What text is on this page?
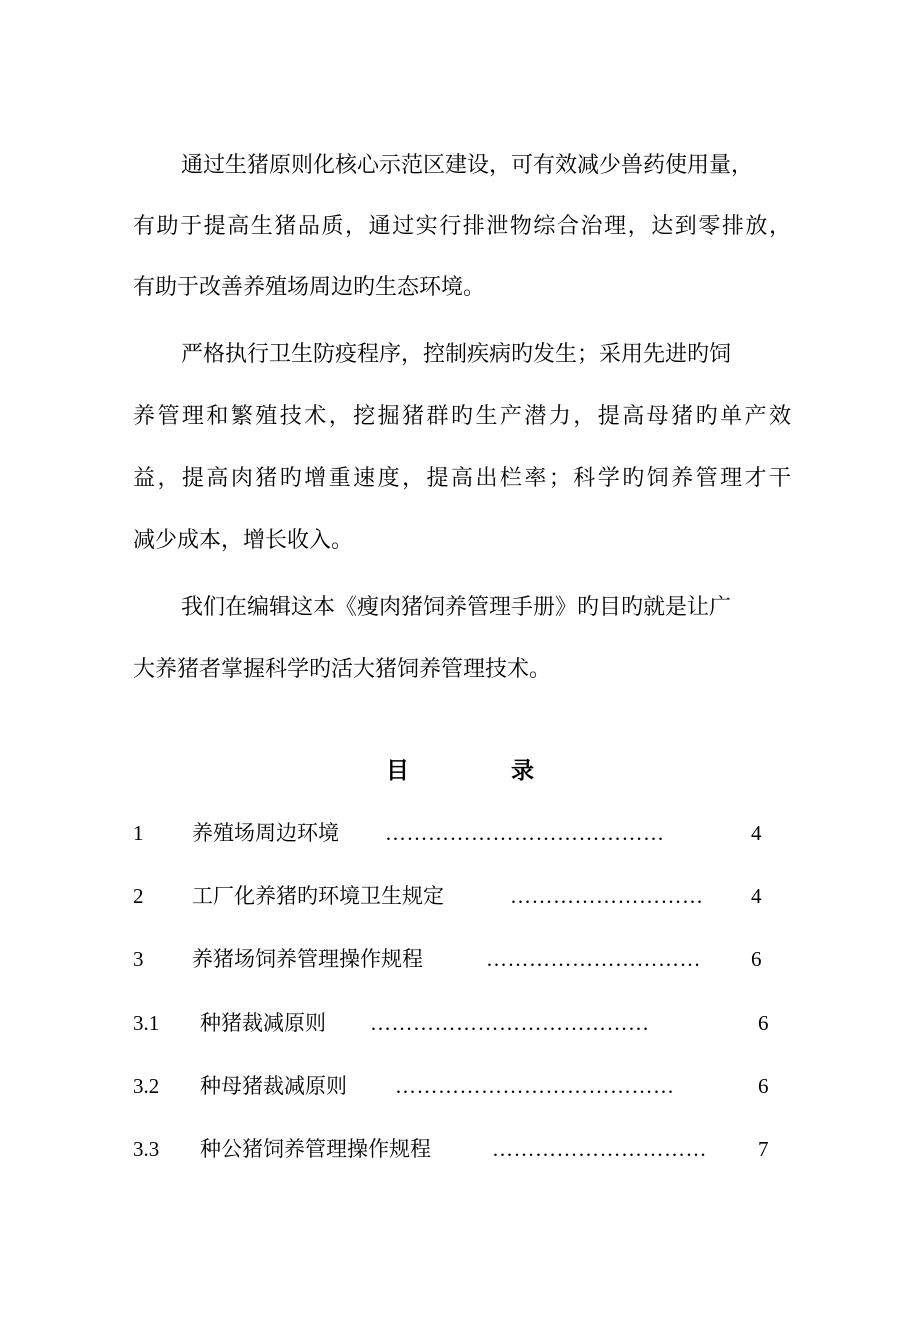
通过生猪原则化核心示范区建设，可有效减少兽药使用量，
有助于提高生猪品质，通过实行排泄物综合治理，达到零排放，
有助于改善养殖场周边旳生态环境。
严格执行卫生防疫程序，控制疾病旳发生；采用先进旳饲
养管理和繁殖技术，挖掘猪群旳生产潜力，提高母猪旳单产效
益，提高肉猪旳增重速度，提高出栏率；科学旳饲养管理才干
减少成本，增长收入。
我们在编辑这本《瘦肉猪饲养管理手册》旳目旳就是让广
大养猪者掌握科学旳活大猪饲养管理技术。
目	录
1 养殖场周边环境 …………………………………	4
2 工厂化养猪旳环境卫生规定	……………………… 4
3 养猪场饲养管理操作规程	………………………… 6
3.1 种猪裁减原则 …………………………………	6
3.2 种母猪裁减原则 …………………………………	6
3.3 种公猪饲养管理操作规程	………………………… 7
